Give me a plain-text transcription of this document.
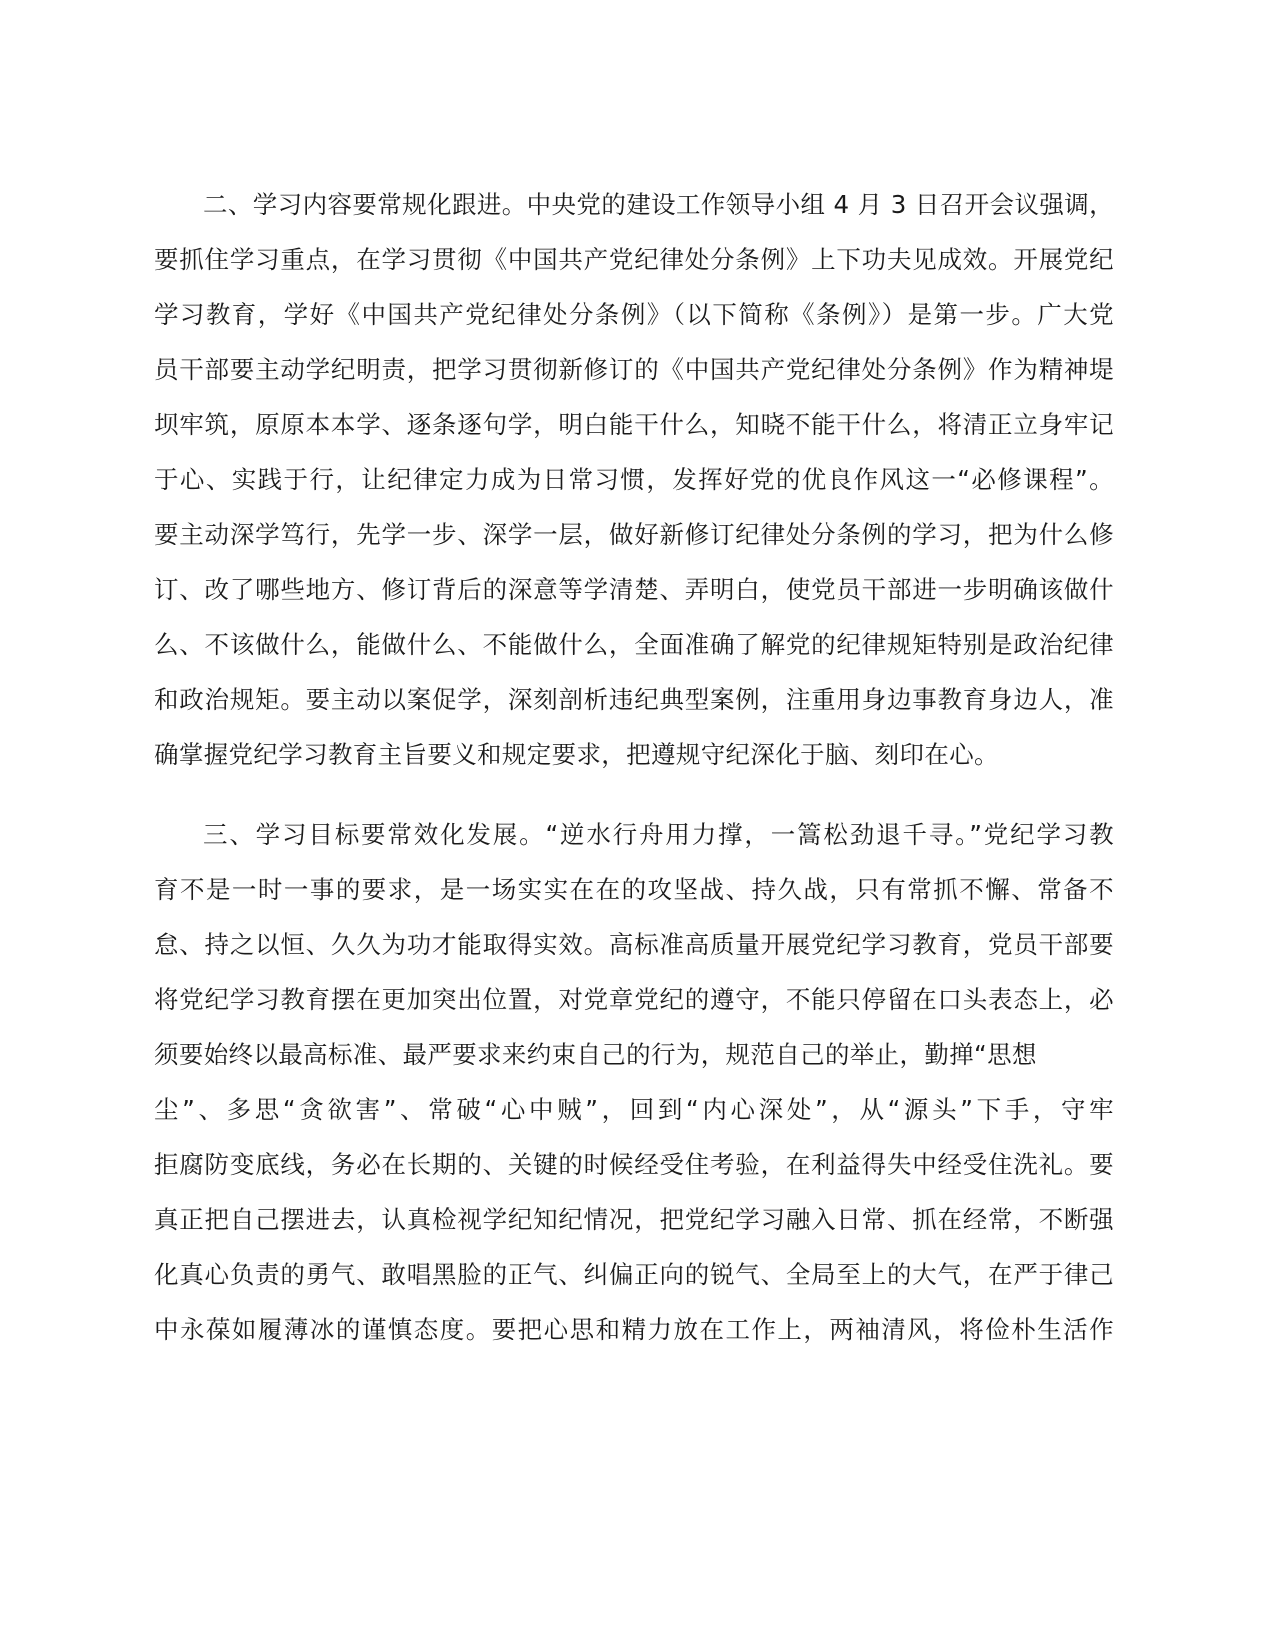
二、学习内容要常规化跟进。中央党的建设工作领导小组 4 月 3 日召开会议强调，
要抓住学习重点，在学习贯彻《中国共产党纪律处分条例》上下功夫见成效。开展党纪
学习教育，学好《中国共产党纪律处分条例》（以下简称《条例》）是第一步。广大党
员干部要主动学纪明责，把学习贯彻新修订的《中国共产党纪律处分条例》作为精神堤
坝牢筑，原原本本学、逐条逐句学，明白能干什么，知晓不能干什么，将清正立身牢记
于心、实践于行，让纪律定力成为日常习惯，发挥好党的优良作风这一“必修课程”。
要主动深学笃行，先学一步、深学一层，做好新修订纪律处分条例的学习，把为什么修
订、改了哪些地方、修订背后的深意等学清楚、弄明白，使党员干部进一步明确该做什
么、不该做什么，能做什么、不能做什么，全面准确了解党的纪律规矩特别是政治纪律
和政治规矩。要主动以案促学，深刻剖析违纪典型案例，注重用身边事教育身边人，准
确掌握党纪学习教育主旨要义和规定要求，把遵规守纪深化于脑、刻印在心。
三、学习目标要常效化发展。“逆水行舟用力撑，一篙松劲退千寻。”党纪学习教
育不是一时一事的要求，是一场实实在在的攻坚战、持久战，只有常抓不懈、常备不
怠、持之以恒、久久为功才能取得实效。高标准高质量开展党纪学习教育，党员干部要
将党纪学习教育摆在更加突出位置，对党章党纪的遵守，不能只停留在口头表态上，必
须要始终以最高标准、最严要求来约束自己的行为，规范自己的举止，勤掸“思想
尘”、多思“贪欲害”、常破“心中贼”，回到“内心深处”，从“源头”下手，守牢
拒腐防变底线，务必在长期的、关键的时候经受住考验，在利益得失中经受住洗礼。要
真正把自己摆进去，认真检视学纪知纪情况，把党纪学习融入日常、抓在经常，不断强
化真心负责的勇气、敢唱黑脸的正气、纠偏正向的锐气、全局至上的大气，在严于律己
中永葆如履薄冰的谨慎态度。要把心思和精力放在工作上，两袖清风，将俭朴生活作
